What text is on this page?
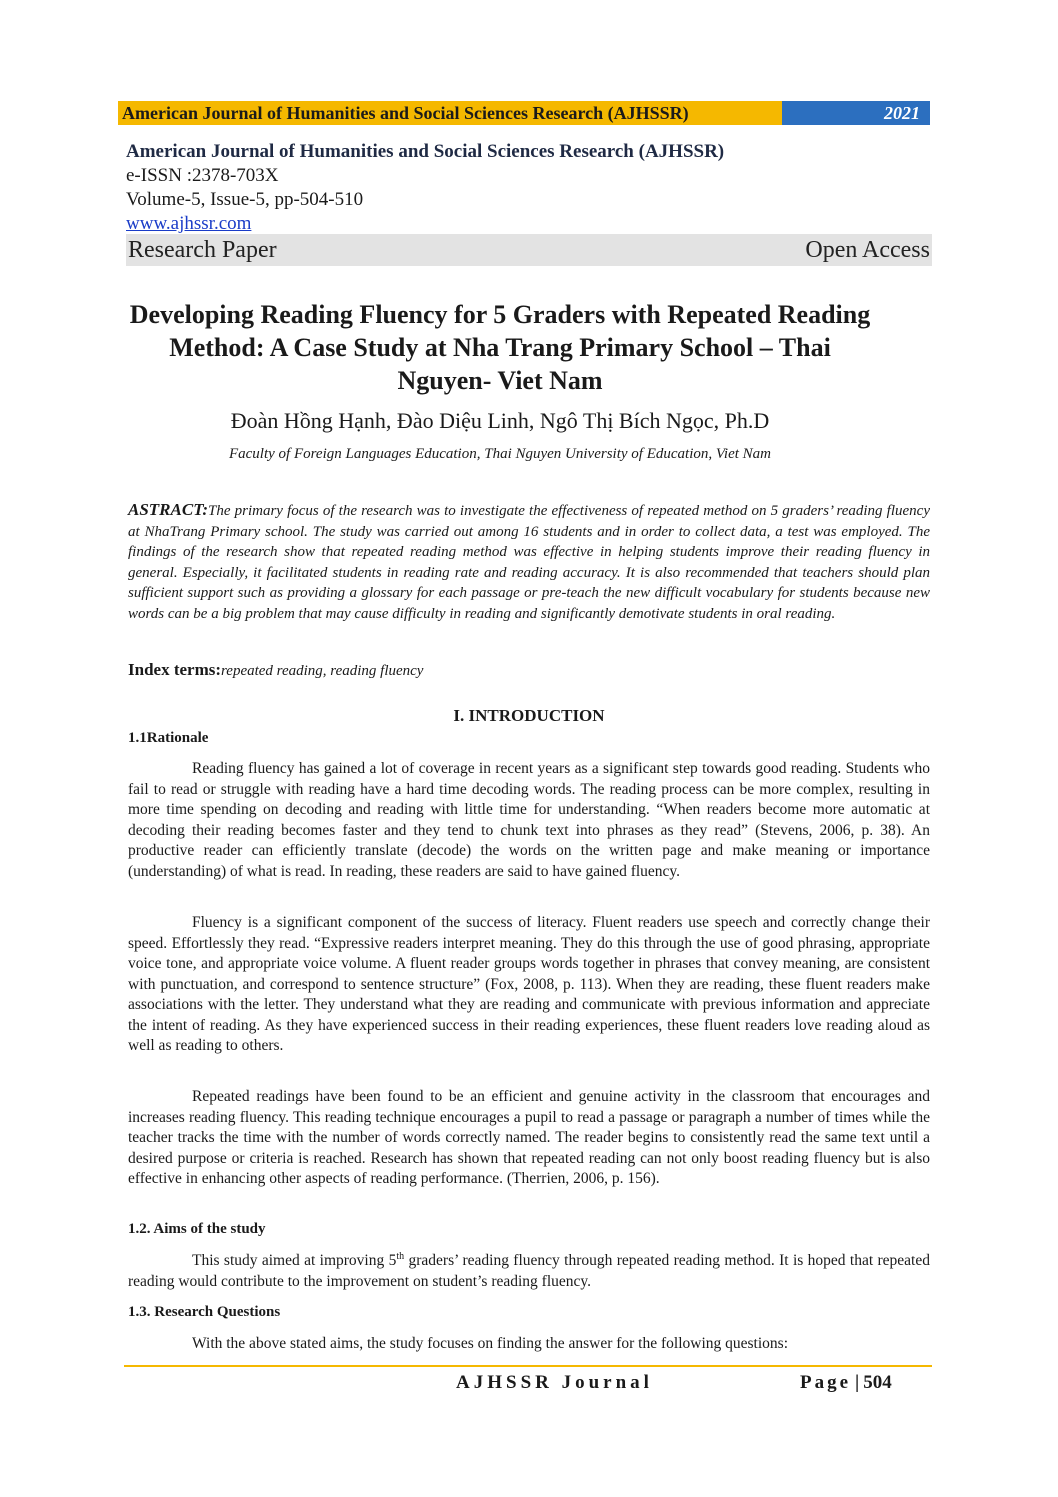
American Journal of Humanities and Social Sciences Research (AJHSSR)	2021
American Journal of Humanities and Social Sciences Research (AJHSSR)
e-ISSN :2378-703X
Volume-5, Issue-5, pp-504-510
www.ajhssr.com
Research Paper	Open Access
Developing Reading Fluency for 5 Graders with Repeated Reading Method: A Case Study at Nha Trang Primary School – Thai Nguyen- Viet Nam
Đoàn Hồng Hạnh, Đào Diệu Linh, Ngô Thị Bích Ngọc, Ph.D
Faculty of Foreign Languages Education, Thai Nguyen University of Education, Viet Nam
ASTRACT:The primary focus of the research was to investigate the effectiveness of repeated method on 5 graders’ reading fluency at NhaTrang Primary school. The study was carried out among 16 students and in order to collect data, a test was employed. The findings of the research show that repeated reading method was effective in helping students improve their reading fluency in general. Especially, it facilitated students in reading rate and reading accuracy. It is also recommended that teachers should plan sufficient support such as providing a glossary for each passage or pre-teach the new difficult vocabulary for students because new words can be a big problem that may cause difficulty in reading and significantly demotivate students in oral reading.
Index terms:repeated reading, reading fluency
I. INTRODUCTION
1.1Rationale

Reading fluency has gained a lot of coverage in recent years as a significant step towards good reading. Students who fail to read or struggle with reading have a hard time decoding words. The reading process can be more complex, resulting in more time spending on decoding and reading with little time for understanding. “When readers become more automatic at decoding their reading becomes faster and they tend to chunk text into phrases as they read” (Stevens, 2006, p. 38). An productive reader can efficiently translate (decode) the words on the written page and make meaning or importance (understanding) of what is read. In reading, these readers are said to have gained fluency.

Fluency is a significant component of the success of literacy. Fluent readers use speech and correctly change their speed. Effortlessly they read. “Expressive readers interpret meaning. They do this through the use of good phrasing, appropriate voice tone, and appropriate voice volume. A fluent reader groups words together in phrases that convey meaning, are consistent with punctuation, and correspond to sentence structure” (Fox, 2008, p. 113). When they are reading, these fluent readers make associations with the letter. They understand what they are reading and communicate with previous information and appreciate the intent of reading. As they have experienced success in their reading experiences, these fluent readers love reading aloud as well as reading to others.

Repeated readings have been found to be an efficient and genuine activity in the classroom that encourages and increases reading fluency. This reading technique encourages a pupil to read a passage or paragraph a number of times while the teacher tracks the time with the number of words correctly named. The reader begins to consistently read the same text until a desired purpose or criteria is reached. Research has shown that repeated reading can not only boost reading fluency but is also effective in enhancing other aspects of reading performance. (Therrien, 2006, p. 156).

1.2. Aims of the study

This study aimed at improving 5th graders’ reading fluency through repeated reading method. It is hoped that repeated reading would contribute to the improvement on student’s reading fluency.

1.3. Research Questions

With the above stated aims, the study focuses on finding the answer for the following questions:

AJHSSR Journal	Page | 504
